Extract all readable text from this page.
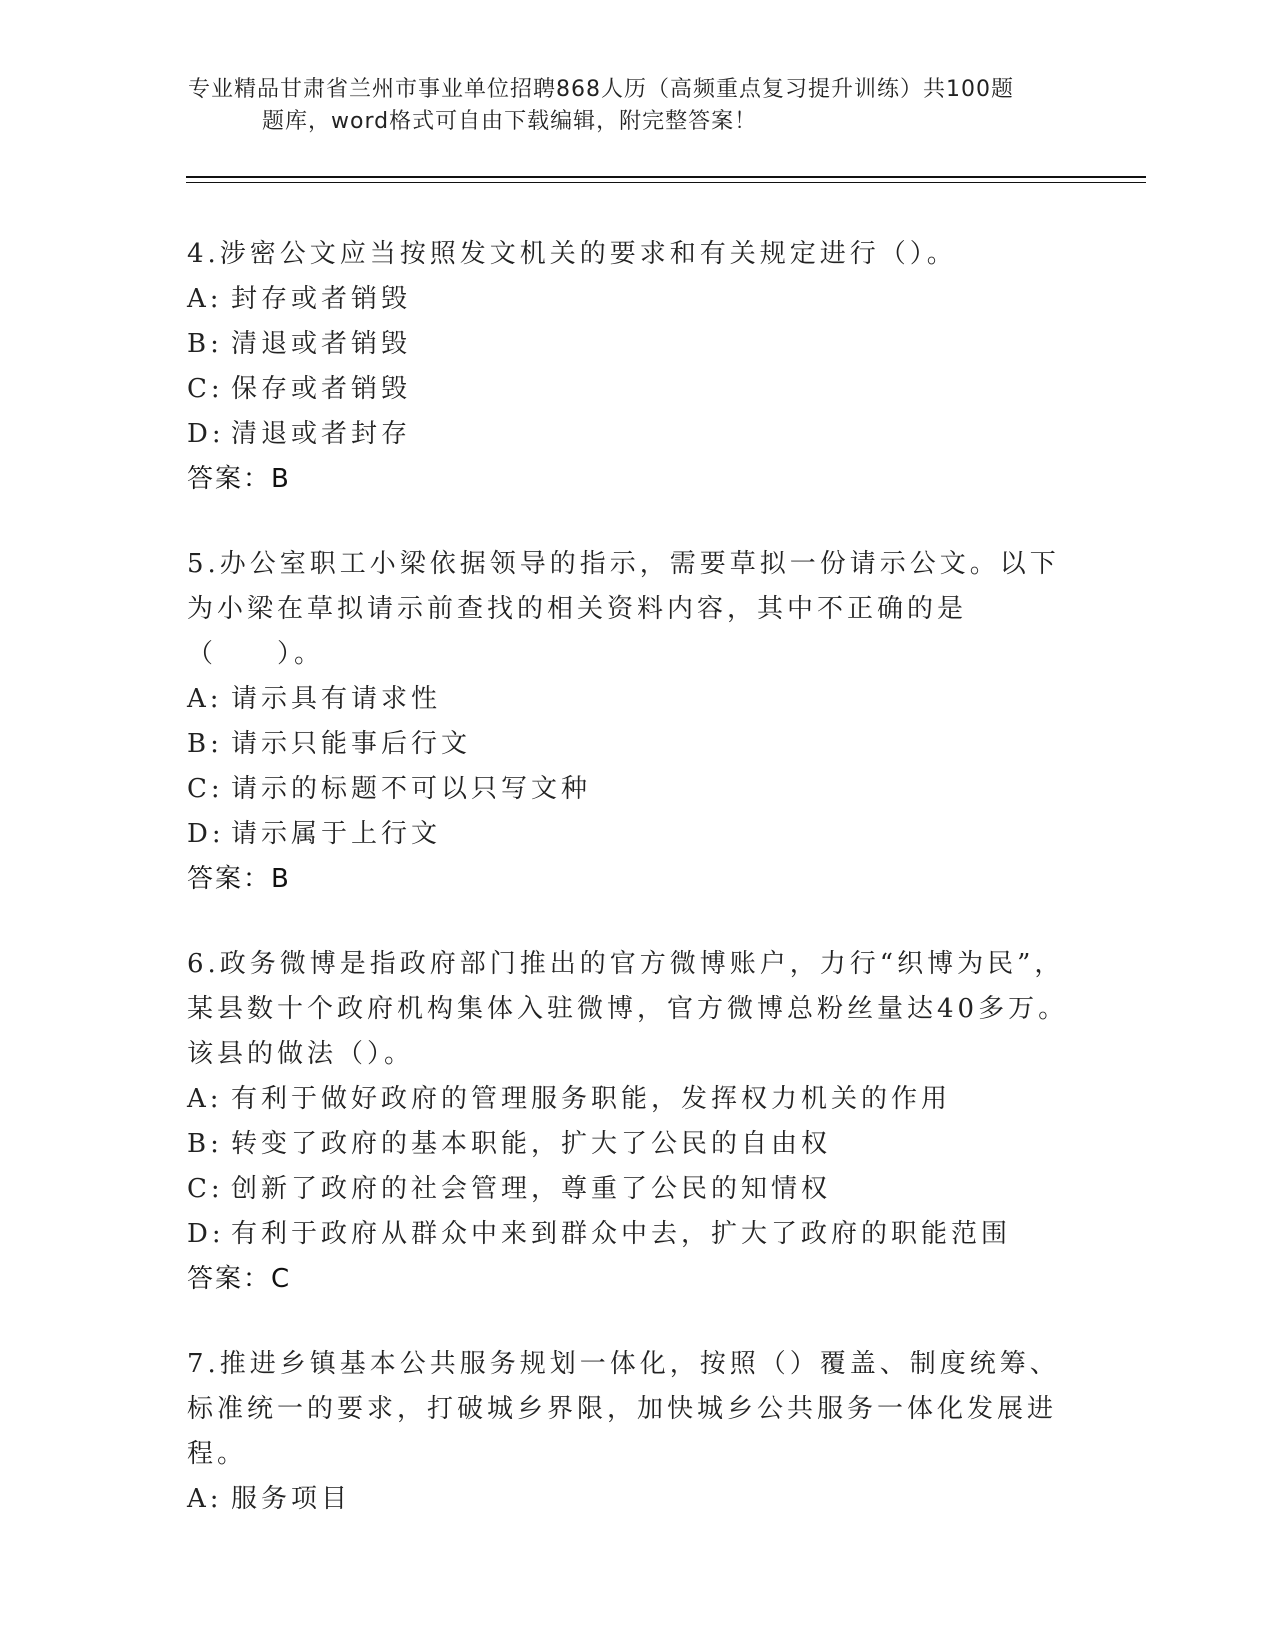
专业精品甘肃省兰州市事业单位招聘868人历（高频重点复习提升训练）共100题
题库，word格式可自由下载编辑，附完整答案！
4.涉密公文应当按照发文机关的要求和有关规定进行（）。
A: 封存或者销毁
B: 清退或者销毁
C: 保存或者销毁
D: 清退或者封存
答案：B
5.办公室职工小梁依据领导的指示，需要草拟一份请示公文。以下为小梁在草拟请示前查找的相关资料内容，其中不正确的是（　　）。
A: 请示具有请求性
B: 请示只能事后行文
C: 请示的标题不可以只写文种
D: 请示属于上行文
答案：B
6.政务微博是指政府部门推出的官方微博账户，力行“织博为民”，某县数十个政府机构集体入驻微博，官方微博总粉丝量达40多万。该县的做法（）。
A: 有利于做好政府的管理服务职能，发挥权力机关的作用
B: 转变了政府的基本职能，扩大了公民的自由权
C: 创新了政府的社会管理，尊重了公民的知情权
D: 有利于政府从群众中来到群众中去，扩大了政府的职能范围
答案：C
7.推进乡镇基本公共服务规划一体化，按照（）覆盖、制度统筹、标准统一的要求，打破城乡界限，加快城乡公共服务一体化发展进程。
A: 服务项目
